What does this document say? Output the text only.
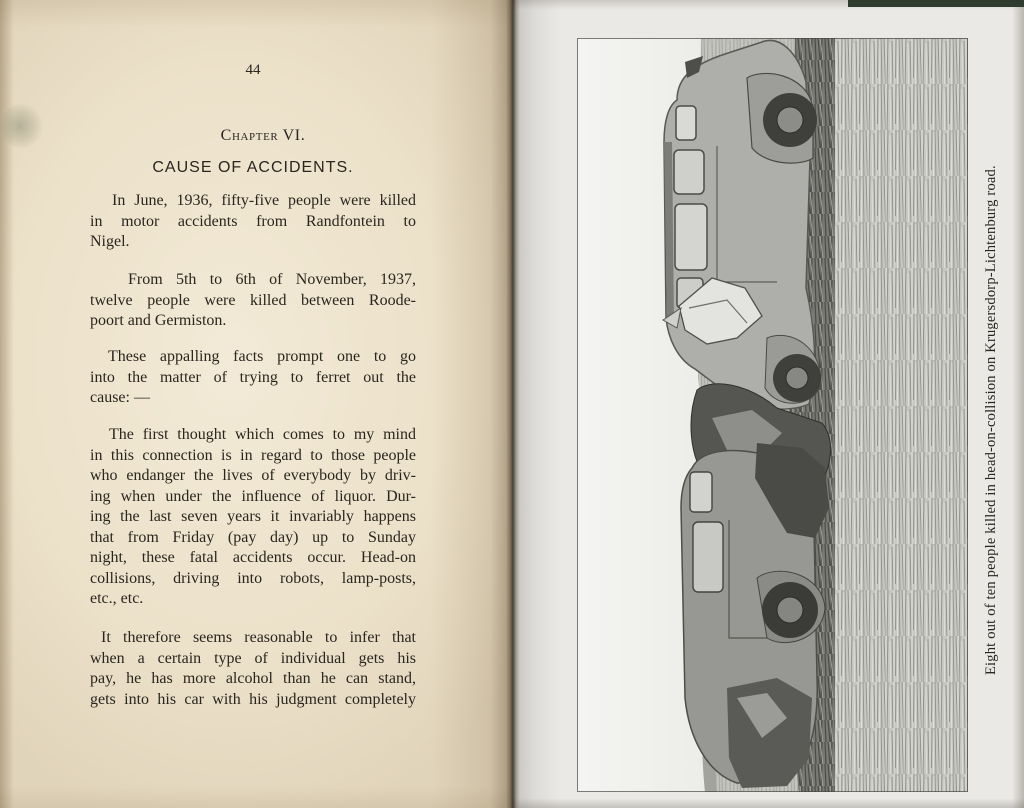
44
Chapter VI.
CAUSE OF ACCIDENTS.
In June, 1936, fifty-five people were killed
in motor accidents from Randfontein to
Nigel.
From 5th to 6th of November, 1937,
twelve people were killed between Roode-
poort and Germiston.
These appalling facts prompt one to go
into the matter of trying to ferret out the
cause: —
The first thought which comes to my mind
in this connection is in regard to those people
who endanger the lives of everybody by driv-
ing when under the influence of liquor. Dur-
ing the last seven years it invariably happens
that from Friday (pay day) up to Sunday
night, these fatal accidents occur. Head-on
collisions, driving into robots, lamp-posts,
etc., etc.
It therefore seems reasonable to infer that
when a certain type of individual gets his
pay, he has more alcohol than he can stand,
gets into his car with his judgment completely
Eight out of ten people killed in head-on-collision on Krugersdorp-Lichtenburg road.
